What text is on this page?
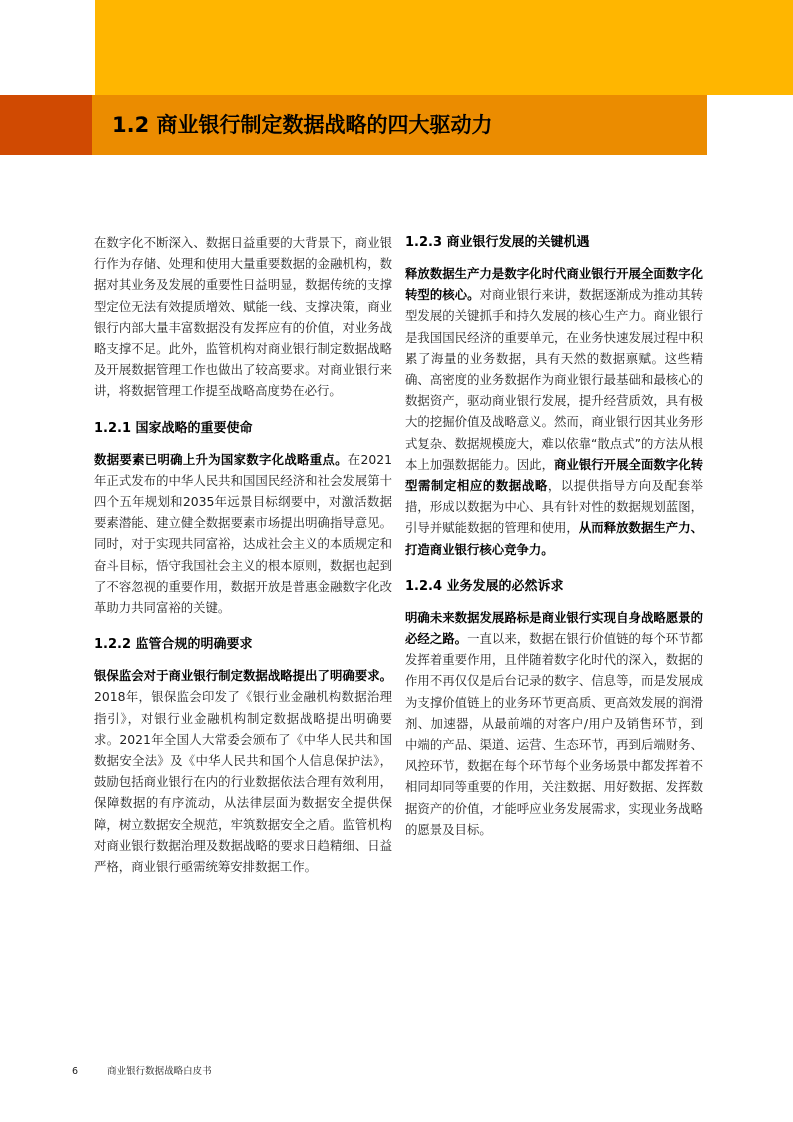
1.2 商业银行制定数据战略的四大驱动力

在数字化不断深入、数据日益重要的大背景下，商业银行作为存储、处理和使用大量重要数据的金融机构，数据对其业务及发展的重要性日益明显，数据传统的支撑型定位无法有效提质增效、赋能一线、支撑决策，商业银行内部大量丰富数据没有发挥应有的价值，对业务战略支撑不足。此外，监管机构对商业银行制定数据战略及开展数据管理工作也做出了较高要求。对商业银行来讲，将数据管理工作提至战略高度势在必行。

1.2.1 国家战略的重要使命

数据要素已明确上升为国家数字化战略重点。在2021年正式发布的中华人民共和国国民经济和社会发展第十四个五年规划和2035年远景目标纲要中，对激活数据要素潜能、建立健全数据要素市场提出明确指导意见。同时，对于实现共同富裕，达成社会主义的本质规定和奋斗目标，悟守我国社会主义的根本原则，数据也起到了不容忽视的重要作用，数据开放是普惠金融数字化改革助力共同富裕的关键。

1.2.2 监管合规的明确要求

银保监会对于商业银行制定数据战略提出了明确要求。2018年，银保监会印发了《银行业金融机构数据治理指引》，对银行业金融机构制定数据战略提出明确要求。2021年全国人大常委会颁布了《中华人民共和国数据安全法》及《中华人民共和国个人信息保护法》，鼓励包括商业银行在内的行业数据依法合理有效利用，保障数据的有序流动，从法律层面为数据安全提供保障，树立数据安全规范，牢筑数据安全之盾。监管机构对商业银行数据治理及数据战略的要求日趋精细、日益严格，商业银行亟需统筹安排数据工作。

1.2.3 商业银行发展的关键机遇

释放数据生产力是数字化时代商业银行开展全面数字化转型的核心。对商业银行来讲，数据逐渐成为推动其转型发展的关键抓手和持久发展的核心生产力。商业银行是我国国民经济的重要单元，在业务快速发展过程中积累了海量的业务数据，具有天然的数据禀赋。这些精确、高密度的业务数据作为商业银行最基础和最核心的数据资产，驱动商业银行发展，提升经营质效，具有极大的挖掘价值及战略意义。然而，商业银行因其业务形式复杂、数据规模庞大，难以依靠“散点式”的方法从根本上加强数据能力。因此，商业银行开展全面数字化转型需制定相应的数据战略，以提供指导方向及配套举措，形成以数据为中心、具有针对性的数据规划蓝图，引导并赋能数据的管理和使用，从而释放数据生产力、打造商业银行核心竞争力。

1.2.4 业务发展的必然诉求

明确未来数据发展路标是商业银行实现自身战略愿景的必经之路。一直以来，数据在银行价值链的每个环节都发挥着重要作用，且伴随着数字化时代的深入，数据的作用不再仅仅是后台记录的数字、信息等，而是发展成为支撑价值链上的业务环节更高质、更高效发展的润滑剂、加速器，从最前端的对客户/用户及销售环节，到中端的产品、渠道、运营、生态环节，再到后端财务、风控环节，数据在每个环节每个业务场景中都发挥着不相同却同等重要的作用，关注数据、用好数据、发挥数据资产的价值，才能呼应业务发展需求，实现业务战略的愿景及目标。

6	商业银行数据战略白皮书
